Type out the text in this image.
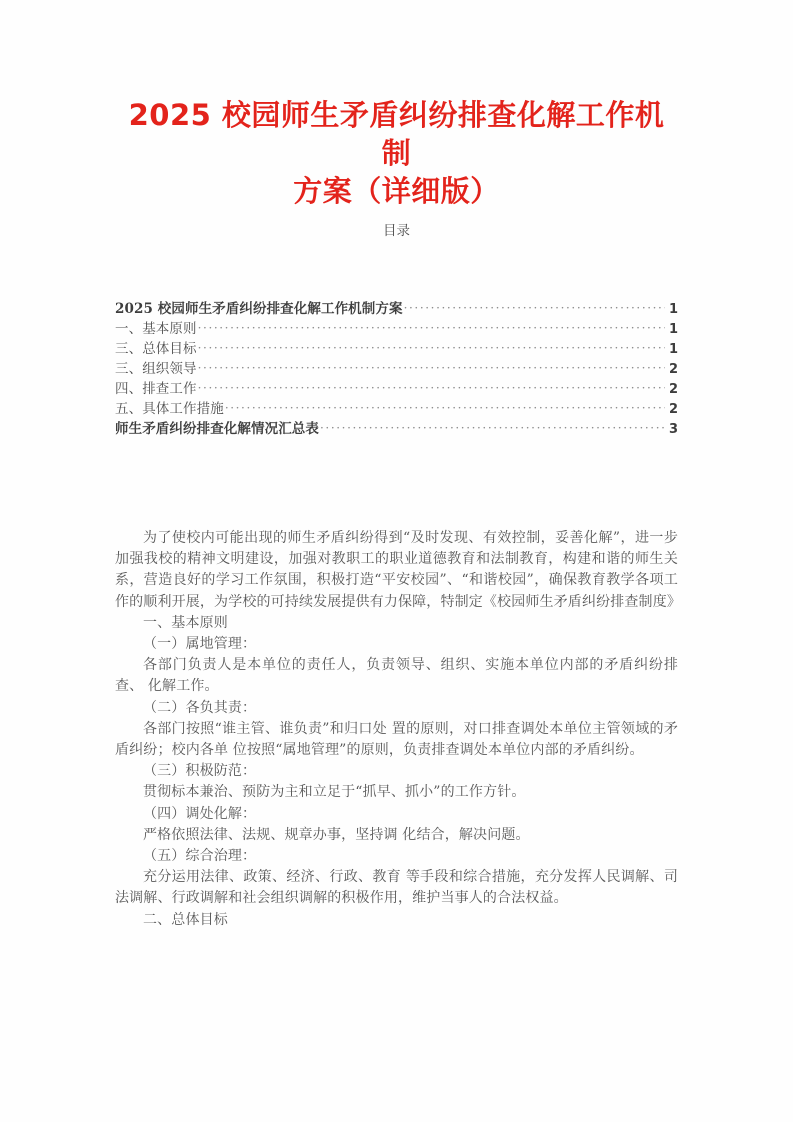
2025 校园师生矛盾纠纷排查化解工作机制
方案（详细版）
目录
2025 校园师生矛盾纠纷排查化解工作机制方案 ·····	1
一、基本原则 ·····	1
三、总体目标 ·····	1
三、组织领导 ·····	2
四、排查工作 ·····	2
五、具体工作措施 ·····	2
师生矛盾纠纷排查化解情况汇总表 ·····	3

为了使校内可能出现的师生矛盾纠纷得到“及时发现、有效控制，妥善化解”，进一步加强我校的精神文明建设，加强对教职工的职业道德教育和法制教育，构建和谐的师生关系，营造良好的学习工作氛围，积极打造“平安校园”、“和谐校园”，确保教育教学各项工作的顺利开展，为学校的可持续发展提供有力保障，特制定《校园师生矛盾纠纷排查制度》

一、基本原则

（一）属地管理：

各部门负责人是本单位的责任人，负责领导、组织、实施本单位内部的矛盾纠纷排查、 化解工作。

（二）各负其责：

各部门按照“谁主管、谁负责”和归口处 置的原则，对口排查调处本单位主管领域的矛盾纠纷；校内各单 位按照“属地管理”的原则，负责排查调处本单位内部的矛盾纠纷。

（三）积极防范：

贯彻标本兼治、预防为主和立足于“抓早、抓小”的工作方针。

（四）调处化解：

严格依照法律、法规、规章办事，坚持调 化结合，解决问题。

（五）综合治理：

充分运用法律、政策、经济、行政、教育 等手段和综合措施，充分发挥人民调解、司法调解、行政调解和社会组织调解的积极作用，维护当事人的合法权益。

二、总体目标
